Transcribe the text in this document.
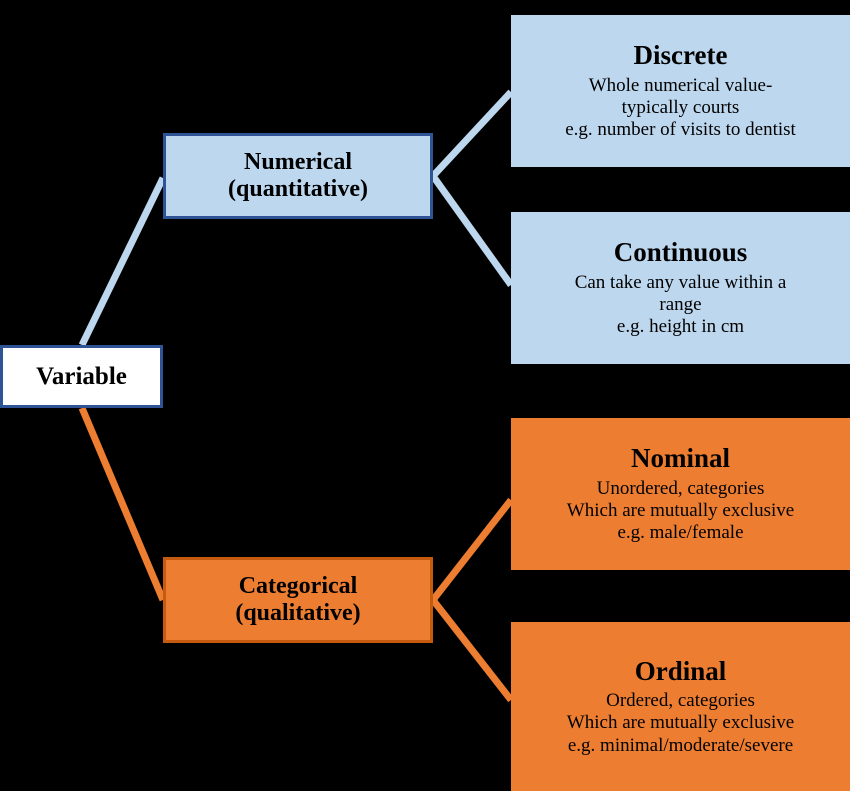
Variable
Numerical
(quantitative)
Categorical
(qualitative)
Discrete
Whole numerical value-
typically courts
e.g. number of visits to dentist
Continuous
Can take any value within a
range
e.g. height in cm
Nominal
Unordered, categories
Which are mutually exclusive
e.g. male/female
Ordinal
Ordered, categories
Which are mutually exclusive
e.g. minimal/moderate/severe
